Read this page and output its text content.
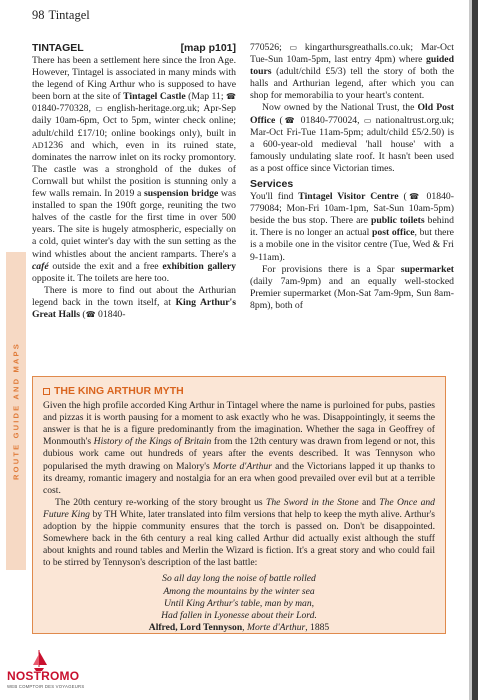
98 Tintagel
ROUTE GUIDE AND MAPS
TINTAGEL	[map p101]

There has been a settlement here since the Iron Age. However, Tintagel is associated in many minds with the legend of King Arthur who is supposed to have been born at the site of Tintagel Castle (Map 11; ☎ 01840-770328, ▭ english-heritage.org.uk; Apr-Sep daily 10am-6pm, Oct to 5pm, winter check online; adult/child £17/10; online bookings only), built in AD1236 and which, even in its ruined state, dominates the narrow inlet on its rocky promontory. The castle was a stronghold of the dukes of Cornwall but whilst the position is stunning only a few walls remain. In 2019 a suspension bridge was installed to span the 190ft gorge, reuniting the two halves of the castle for the first time in over 500 years. The site is hugely atmospheric, especially on a cold, quiet winter's day with the sun setting as the wind whistles about the ancient ramparts. There's a café outside the exit and a free exhibition gallery opposite it. The toilets are here too.

There is more to find out about the Arthurian legend back in the town itself, at King Arthur's Great Halls (☎ 01840-

770526; ▭ kingarthursgreathalls.co.uk; Mar-Oct Tue-Sun 10am-5pm, last entry 4pm) where guided tours (adult/child £5/3) tell the story of both the halls and Arthurian legend, after which you can shop for memorabilia to your heart's content.

Now owned by the National Trust, the Old Post Office (☎ 01840-770024, ▭ nationaltrust.org.uk; Mar-Oct Fri-Tue 11am-5pm; adult/child £5/2.50) is a 600-year-old medieval 'hall house' with a famously undulating slate roof. It hasn't been used as a post office since Victorian times.

Services

You'll find Tintagel Visitor Centre (☎ 01840-779084; Mon-Fri 10am-1pm, Sat-Sun 10am-5pm) beside the bus stop. There are public toilets behind it. There is no longer an actual post office, but there is a mobile one in the visitor centre (Tue, Wed & Fri 9-11am).

For provisions there is a Spar supermarket (daily 7am-9pm) and an equally well-stocked Premier supermarket (Mon-Sat 7am-9pm, Sun 8am-8pm), both of

THE KING ARTHUR MYTH

Given the high profile accorded King Arthur in Tintagel where the name is purloined for pubs, pasties and pizzas it is worth pausing for a moment to ask exactly who he was. Disappointingly, it seems the answer is that he is a figure predominantly from the imagination. Whether the saga in Geoffrey of Monmouth's History of the Kings of Britain from the 12th century was drawn from legend or not, this dubious work came out hundreds of years after the events described. It was Tennyson who popularised the myth drawing on Malory's Morte d'Arthur and the Victorians lapped it up thanks to its dreamy, romantic imagery and nostalgia for an era when good prevailed over evil but at a terrible cost.

The 20th century re-working of the story brought us The Sword in the Stone and The Once and Future King by TH White, later translated into film versions that help to keep the myth alive. Arthur's adoption by the hippie community ensures that the torch is passed on. Don't be disappointed. Somewhere back in the 6th century a real king called Arthur did actually exist although the stuff about knights and round tables and Merlin the Wizard is fiction. It's a great story and who could fail to be stirred by Tennyson's description of the last battle:

So all day long the noise of battle rolled
Among the mountains by the winter sea
Until King Arthur's table, man by man,
Had fallen in Lyonesse about their Lord.
Alfred, Lord Tennyson, Morte d'Arthur, 1885
NOSTROMO
WEB COMPTOIR DES VOYAGEURS
